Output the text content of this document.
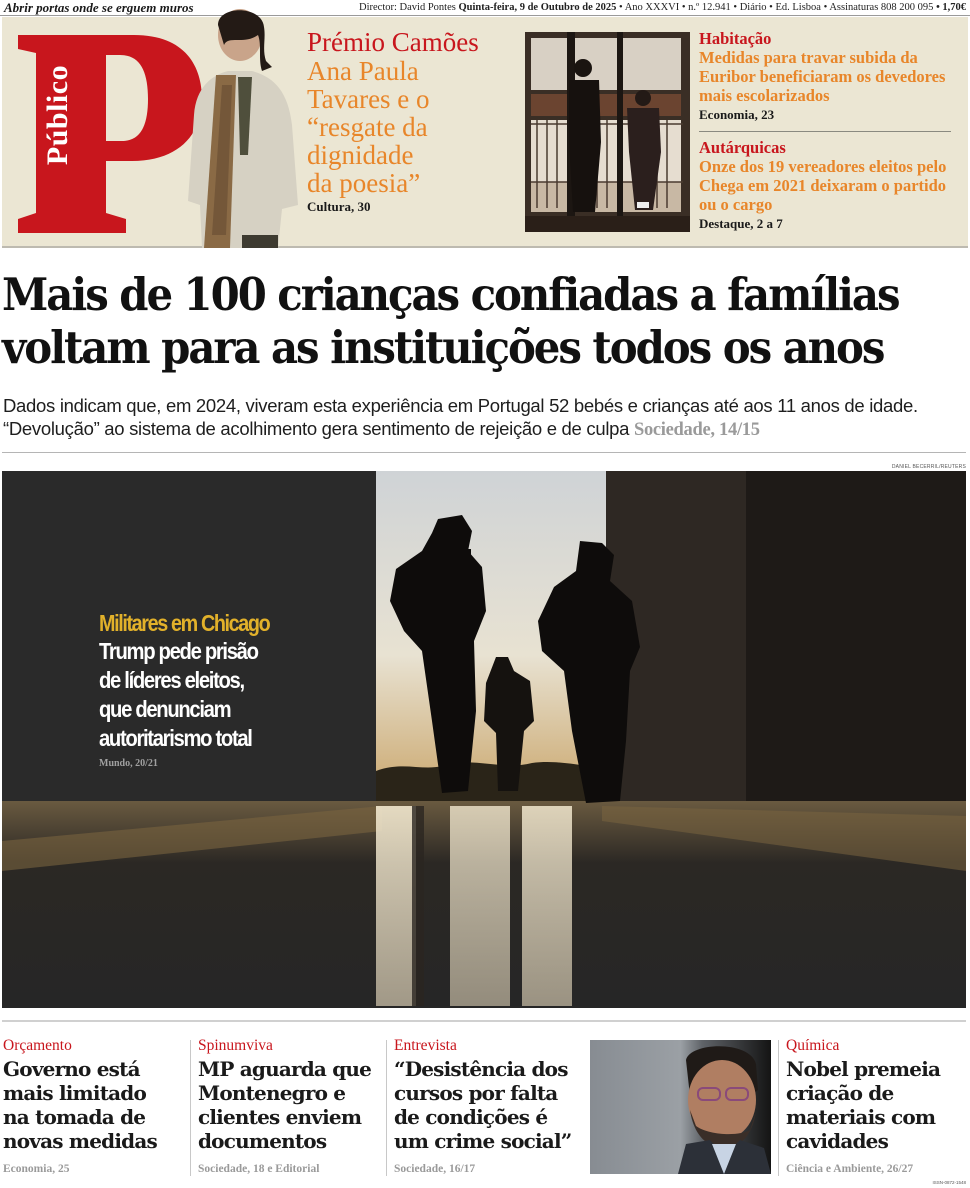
Abrir portas onde se erguem muros	Director: David Pontes Quinta-feira, 9 de Outubro de 2025 • Ano XXXVI • n.º 12.941 • Diário • Ed. Lisboa • Assinaturas 808 200 095 • 1,70€
Público
Prémio Camões
Ana Paula
Tavares e o
“resgate da
dignidade
da poesia”
Cultura, 30
Habitação
Medidas para travar subida da Euribor beneficiaram os devedores mais escolarizados
Economia, 23
Autárquicas
Onze dos 19 vereadores eleitos pelo Chega em 2021 deixaram o partido ou o cargo
Destaque, 2 a 7
Mais de 100 crianças confiadas a famílias
voltam para as instituições todos os anos
Dados indicam que, em 2024, viveram esta experiência em Portugal 52 bebés e crianças até aos 11 anos de idade. “Devolução” ao sistema de acolhimento gera sentimento de rejeição e de culpa Sociedade, 14/15
DANIEL BECERRIL/REUTERS
Militares em Chicago
Trump pede prisão
de líderes eleitos,
que denunciam
autoritarismo total
Mundo, 20/21
Orçamento
Governo está
mais limitado
na tomada de
novas medidas
Economia, 25
Spinumviva
MP aguarda que
Montenegro e
clientes enviem
documentos
Sociedade, 18 e Editorial
Entrevista
“Desistência dos
cursos por falta
de condições é
um crime social”
Sociedade, 16/17
Química
Nobel premeia
criação de
materiais com
cavidades
Ciência e Ambiente, 26/27
ISSN-0872-1548
